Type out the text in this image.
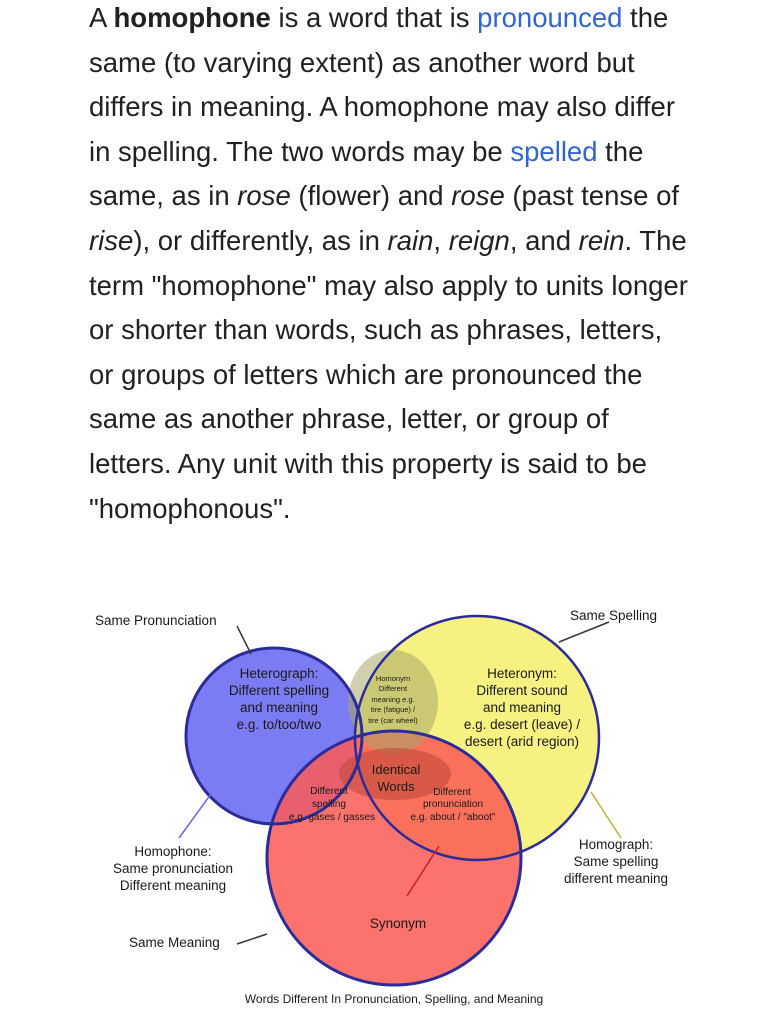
A homophone is a word that is pronounced the same (to varying extent) as another word but differs in meaning. A homophone may also differ in spelling. The two words may be spelled the same, as in rose (flower) and rose (past tense of rise), or differently, as in rain, reign, and rein. The term "homophone" may also apply to units longer or shorter than words, such as phrases, letters, or groups of letters which are pronounced the same as another phrase, letter, or group of letters. Any unit with this property is said to be "homophonous".

Same Pronunciation	Same Spelling
Same Meaning
Heterograph:
Different spelling
and meaning
e.g. to/too/two
Heteronym:
Different sound
and meaning
e.g. desert (leave) /
desert (arid region)
Homonym
Different
meaning e.g.
tire (fatigue) /
tire (car wheel)
Identical
Words
Different
spelling
e.g. gases / gasses
Different
pronunciation
e.g. about / "aboot"
Homophone:
Same pronunciation
Different meaning
Homograph:
Same spelling
different meaning
Synonym
Words Different In Pronunciation, Spelling, and Meaning
